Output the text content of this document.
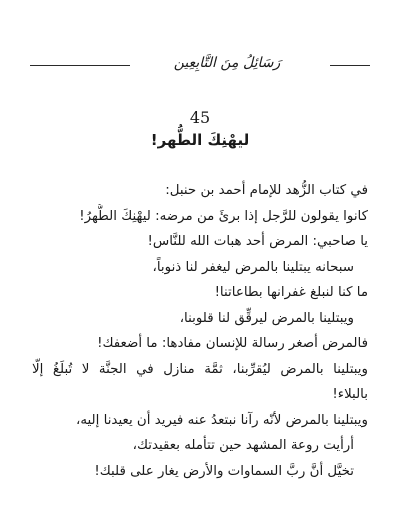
رَسَائِلُ مِنَ التَّابِعِين
45
ليهْنِكَ الطُّهر!
في كتاب الزُّهد للإمام أحمد بن حنبل:
كانوا يقولون للرَّجل إذا برئَ من مرضه: ليهْنِكَ الطُّهرُ!
يا صاحبي: المرض أحد هبات الله للنَّاس!
سبحانه يبتلينا بالمرض ليغفر لنا ذنوباً،
ما كنا لنبلغ غفرانها بطاعاتنا!
ويبتلينا بالمرض ليرقِّق لنا قلوبنا،
فالمرض أصغر رسالة للإنسان مفادها: ما أضعفك!
ويبتلينا بالمرض ليُقرِّبنا، ثمَّة منازل في الجنَّة لا تُبلَغُ إلّا
بالبلاء!
ويبتلينا بالمرض لأنّه رآنا نبتعدُ عنه فيريد أن يعيدنا إليه،
أرأيت روعة المشهد حين تتأمله بعقيدتك،
تخيَّل أنَّ ربَّ السماوات والأرض يغار على قلبك!
